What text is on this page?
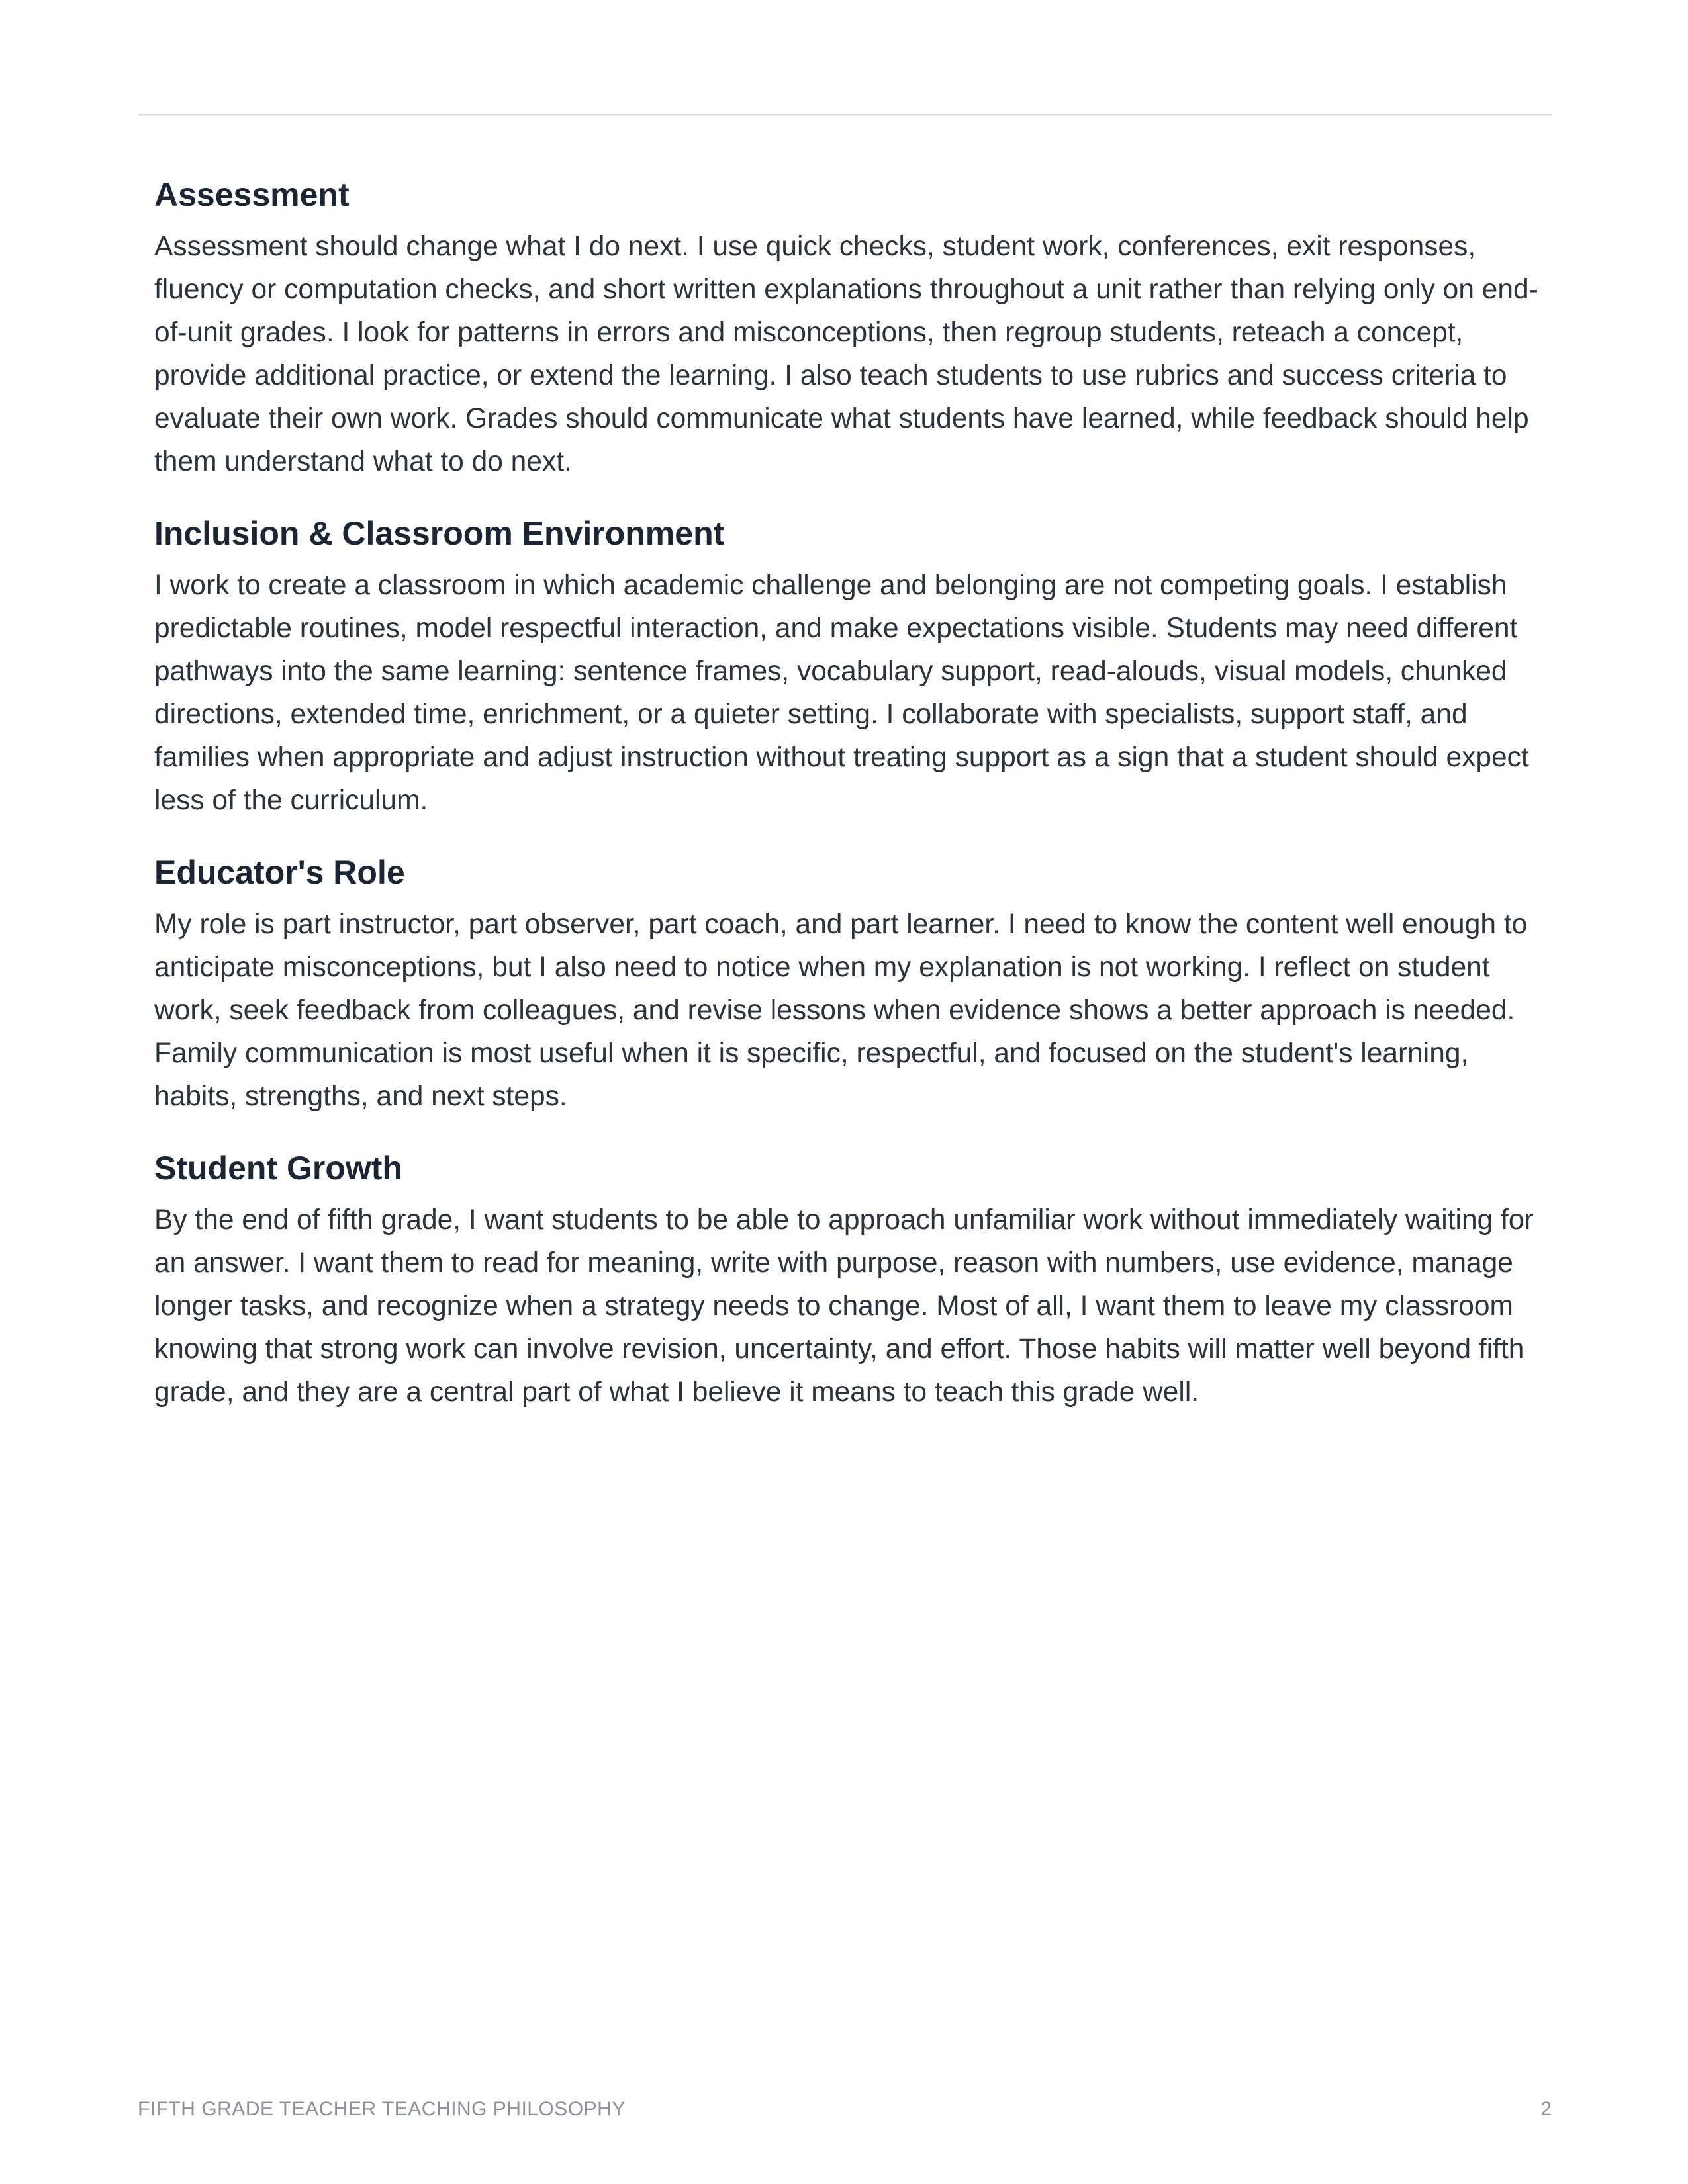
Assessment

Assessment should change what I do next. I use quick checks, student work, conferences, exit responses, fluency or computation checks, and short written explanations throughout a unit rather than relying only on end-of-unit grades. I look for patterns in errors and misconceptions, then regroup students, reteach a concept, provide additional practice, or extend the learning. I also teach students to use rubrics and success criteria to evaluate their own work. Grades should communicate what students have learned, while feedback should help them understand what to do next.

Inclusion & Classroom Environment

I work to create a classroom in which academic challenge and belonging are not competing goals. I establish predictable routines, model respectful interaction, and make expectations visible. Students may need different pathways into the same learning: sentence frames, vocabulary support, read-alouds, visual models, chunked directions, extended time, enrichment, or a quieter setting. I collaborate with specialists, support staff, and families when appropriate and adjust instruction without treating support as a sign that a student should expect less of the curriculum.

Educator's Role

My role is part instructor, part observer, part coach, and part learner. I need to know the content well enough to anticipate misconceptions, but I also need to notice when my explanation is not working. I reflect on student work, seek feedback from colleagues, and revise lessons when evidence shows a better approach is needed. Family communication is most useful when it is specific, respectful, and focused on the student's learning, habits, strengths, and next steps.

Student Growth

By the end of fifth grade, I want students to be able to approach unfamiliar work without immediately waiting for an answer. I want them to read for meaning, write with purpose, reason with numbers, use evidence, manage longer tasks, and recognize when a strategy needs to change. Most of all, I want them to leave my classroom knowing that strong work can involve revision, uncertainty, and effort. Those habits will matter well beyond fifth grade, and they are a central part of what I believe it means to teach this grade well.

FIFTH GRADE TEACHER TEACHING PHILOSOPHY	2
